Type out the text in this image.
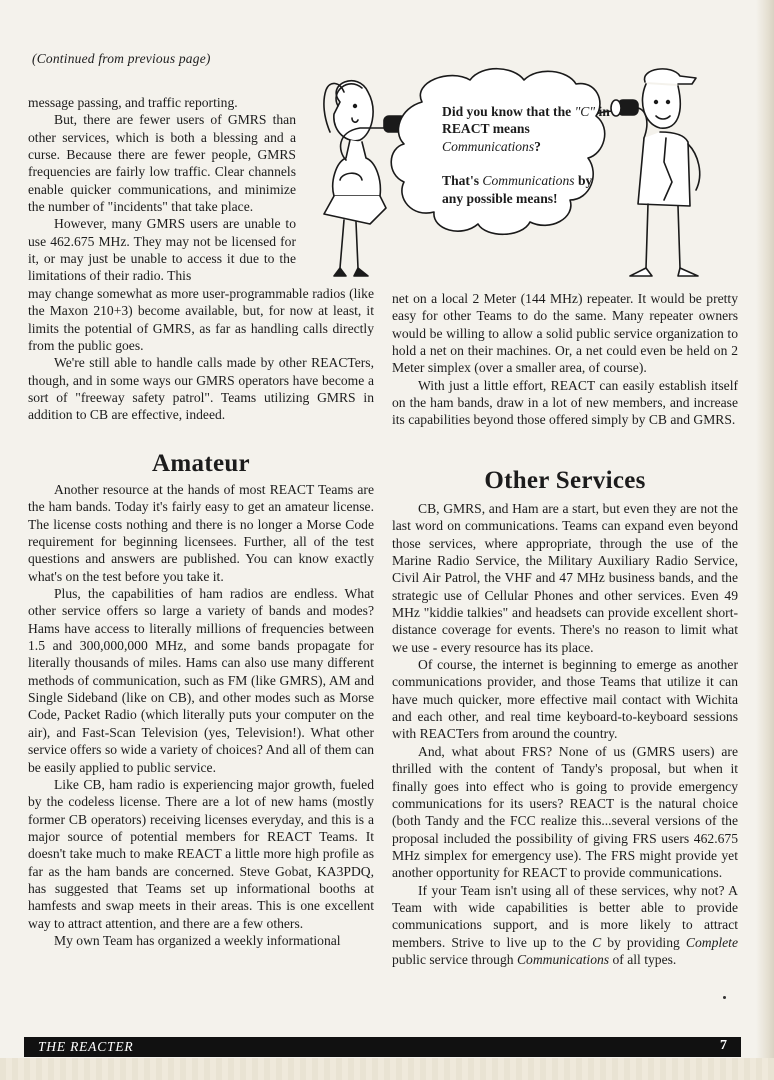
(Continued from previous page)

Did you know that the "C" in REACT means Communications?

That's Communications by any possible means!

message passing, and traffic reporting.

But, there are fewer users of GMRS than other services, which is both a blessing and a curse. Because there are fewer people, GMRS frequencies are fairly low traffic. Clear channels enable quicker communications, and minimize the number of "incidents" that take place.

However, many GMRS users are unable to use 462.675 MHz. They may not be licensed for it, or may just be unable to access it due to the limitations of their radio. This

may change somewhat as more user-programmable radios (like the Maxon 210+3) become available, but, for now at least, it limits the potential of GMRS, as far as handling calls directly from the public goes.

We're still able to handle calls made by other REACTers, though, and in some ways our GMRS operators have become a sort of "freeway safety patrol". Teams utilizing GMRS in addition to CB are effective, indeed.

Amateur

Another resource at the hands of most REACT Teams are the ham bands. Today it's fairly easy to get an amateur license. The license costs nothing and there is no longer a Morse Code requirement for beginning licensees. Further, all of the test questions and answers are published. You can know exactly what's on the test before you take it.

Plus, the capabilities of ham radios are endless. What other service offers so large a variety of bands and modes? Hams have access to literally millions of frequencies between 1.5 and 300,000,000 MHz, and some bands propagate for literally thousands of miles. Hams can also use many different methods of communication, such as FM (like GMRS), AM and Single Sideband (like on CB), and other modes such as Morse Code, Packet Radio (which literally puts your computer on the air), and Fast-Scan Television (yes, Television!). What other service offers so wide a variety of choices? And all of them can be easily applied to public service.

Like CB, ham radio is experiencing major growth, fueled by the codeless license. There are a lot of new hams (mostly former CB operators) receiving licenses everyday, and this is a major source of potential members for REACT Teams. It doesn't take much to make REACT a little more high profile as far as the ham bands are concerned. Steve Gobat, KA3PDQ, has suggested that Teams set up informational booths at hamfests and swap meets in their areas. This is one excellent way to attract attention, and there are a few others.

My own Team has organized a weekly informational

net on a local 2 Meter (144 MHz) repeater. It would be pretty easy for other Teams to do the same. Many repeater owners would be willing to allow a solid public service organization to hold a net on their machines. Or, a net could even be held on 2 Meter simplex (over a smaller area, of course).

With just a little effort, REACT can easily establish itself on the ham bands, draw in a lot of new members, and increase its capabilities beyond those offered simply by CB and GMRS.

Other Services

CB, GMRS, and Ham are a start, but even they are not the last word on communications. Teams can expand even beyond those services, where appropriate, through the use of the Marine Radio Service, the Military Auxiliary Radio Service, Civil Air Patrol, the VHF and 47 MHz business bands, and the strategic use of Cellular Phones and other services. Even 49 MHz "kiddie talkies" and headsets can provide excellent short-distance coverage for events. There's no reason to limit what we use - every resource has its place.

Of course, the internet is beginning to emerge as another communications provider, and those Teams that utilize it can have much quicker, more effective mail contact with Wichita and each other, and real time keyboard-to-keyboard sessions with REACTers from around the country.

And, what about FRS? None of us (GMRS users) are thrilled with the content of Tandy's proposal, but when it finally goes into effect who is going to provide emergency communications for its users? REACT is the natural choice (both Tandy and the FCC realize this...several versions of the proposal included the possibility of giving FRS users 462.675 MHz simplex for emergency use). The FRS might provide yet another opportunity for REACT to provide communications.

If your Team isn't using all of these services, why not? A Team with wide capabilities is better able to provide communications support, and is more likely to attract members. Strive to live up to the C by providing Complete public service through Communications of all types.

THE REACTER	7
